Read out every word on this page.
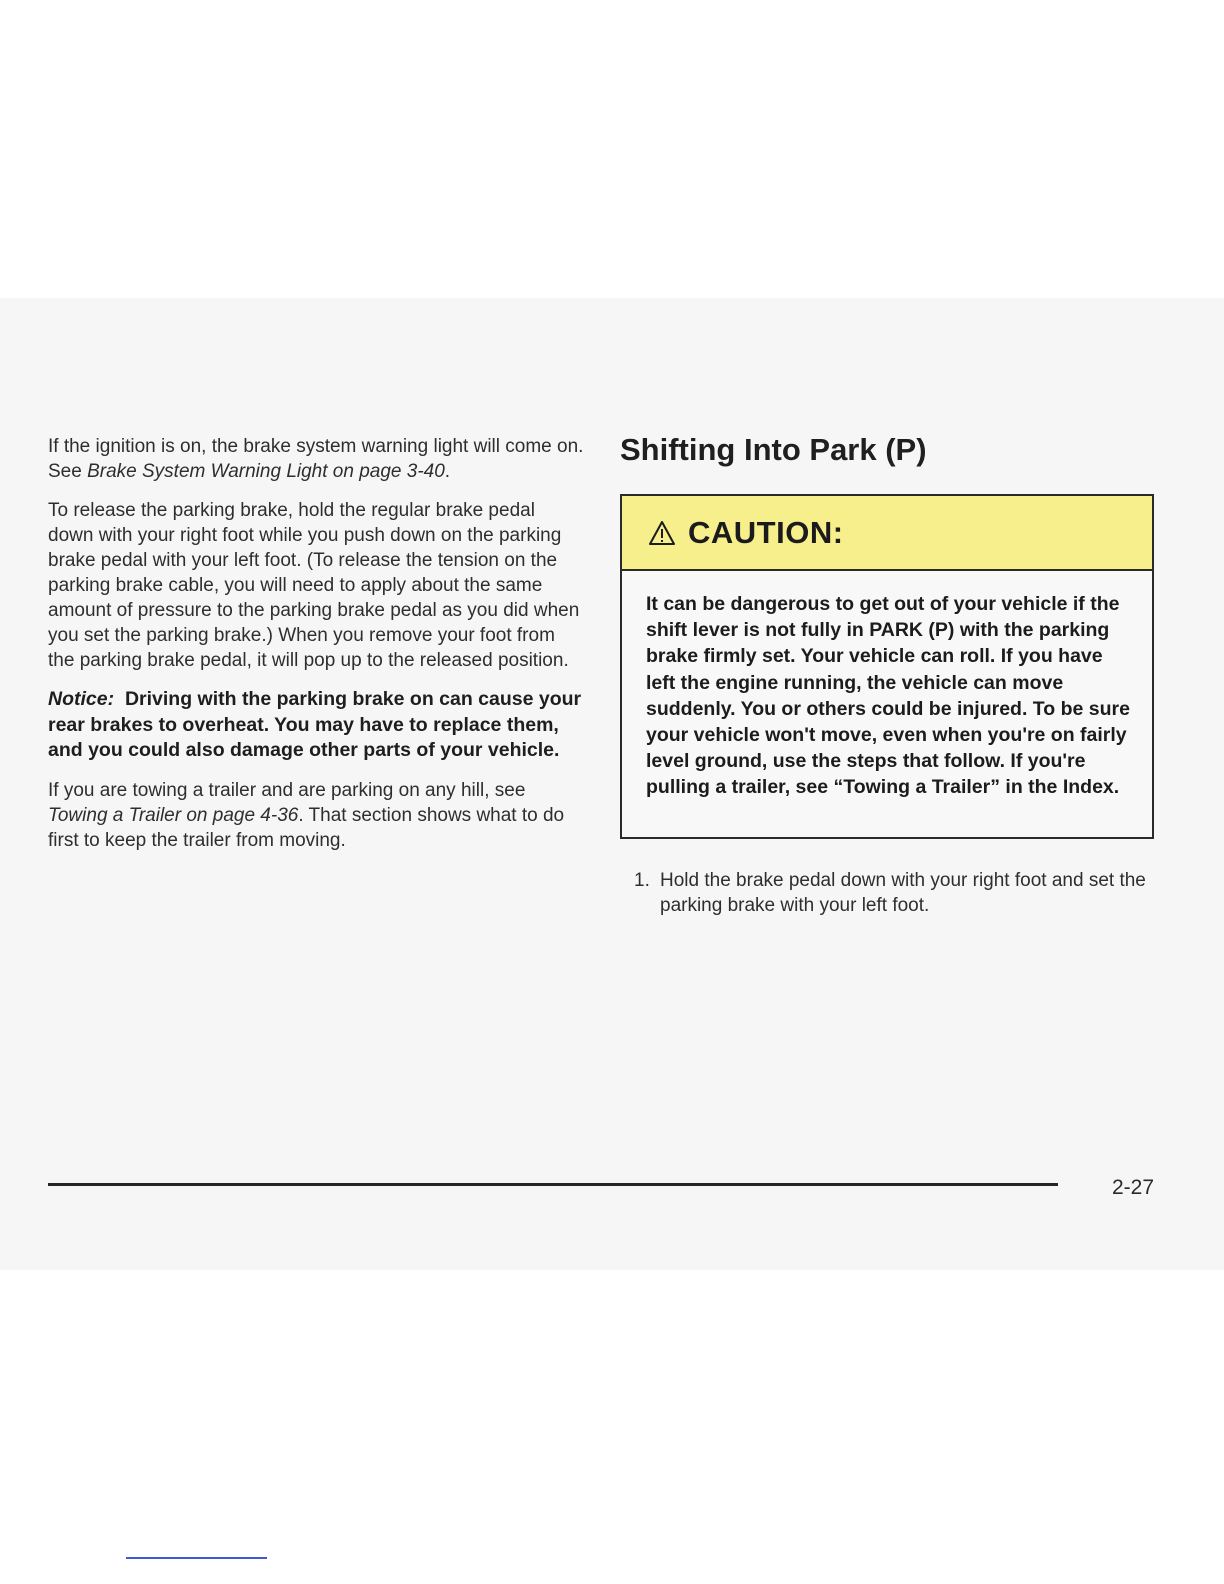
If the ignition is on, the brake system warning light will come on. See Brake System Warning Light on page 3-40.

To release the parking brake, hold the regular brake pedal down with your right foot while you push down on the parking brake pedal with your left foot. (To release the tension on the parking brake cable, you will need to apply about the same amount of pressure to the parking brake pedal as you did when you set the parking brake.) When you remove your foot from the parking brake pedal, it will pop up to the released position.

Notice: Driving with the parking brake on can cause your rear brakes to overheat. You may have to replace them, and you could also damage other parts of your vehicle.

If you are towing a trailer and are parking on any hill, see Towing a Trailer on page 4-36. That section shows what to do first to keep the trailer from moving.

Shifting Into Park (P)
CAUTION:
It can be dangerous to get out of your vehicle if the shift lever is not fully in PARK (P) with the parking brake firmly set. Your vehicle can roll. If you have left the engine running, the vehicle can move suddenly. You or others could be injured. To be sure your vehicle won't move, even when you're on fairly level ground, use the steps that follow. If you're pulling a trailer, see “Towing a Trailer” in the Index.
1. Hold the brake pedal down with your right foot and set the parking brake with your left foot.
2-27
